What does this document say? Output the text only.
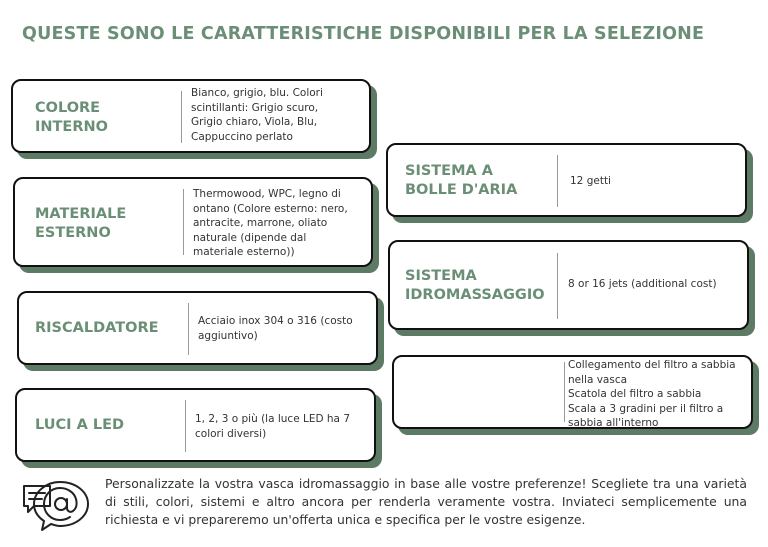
QUESTE SONO LE CARATTERISTICHE DISPONIBILI PER LA SELEZIONE
COLORE
INTERNO
Bianco, grigio, blu. Colori
scintillanti: Grigio scuro,
Grigio chiaro, Viola, Blu,
Cappuccino perlato
MATERIALE
ESTERNO
Thermowood, WPC, legno di
ontano (Colore esterno: nero,
antracite, marrone, oliato
naturale (dipende dal
materiale esterno))
RISCALDATORE	Acciaio inox 304 o 316 (costo
aggiuntivo)
LUCI A LED	1, 2, 3 o più (la luce LED ha 7
colori diversi)
SISTEMA A
BOLLE D'ARIA
12 getti
SISTEMA
IDROMASSAGGIO
8 or 16 jets (additional cost)
Collegamento del filtro a sabbia
nella vasca
Scatola del filtro a sabbia
Scala a 3 gradini per il filtro a
sabbia all'interno
Personalizzate la vostra vasca idromassaggio in base alle vostre preferenze! Scegliete tra una varietà di stili, colori, sistemi e altro ancora per renderla veramente vostra. Inviateci semplicemente una richiesta e vi prepareremo un'offerta unica e specifica per le vostre esigenze.
